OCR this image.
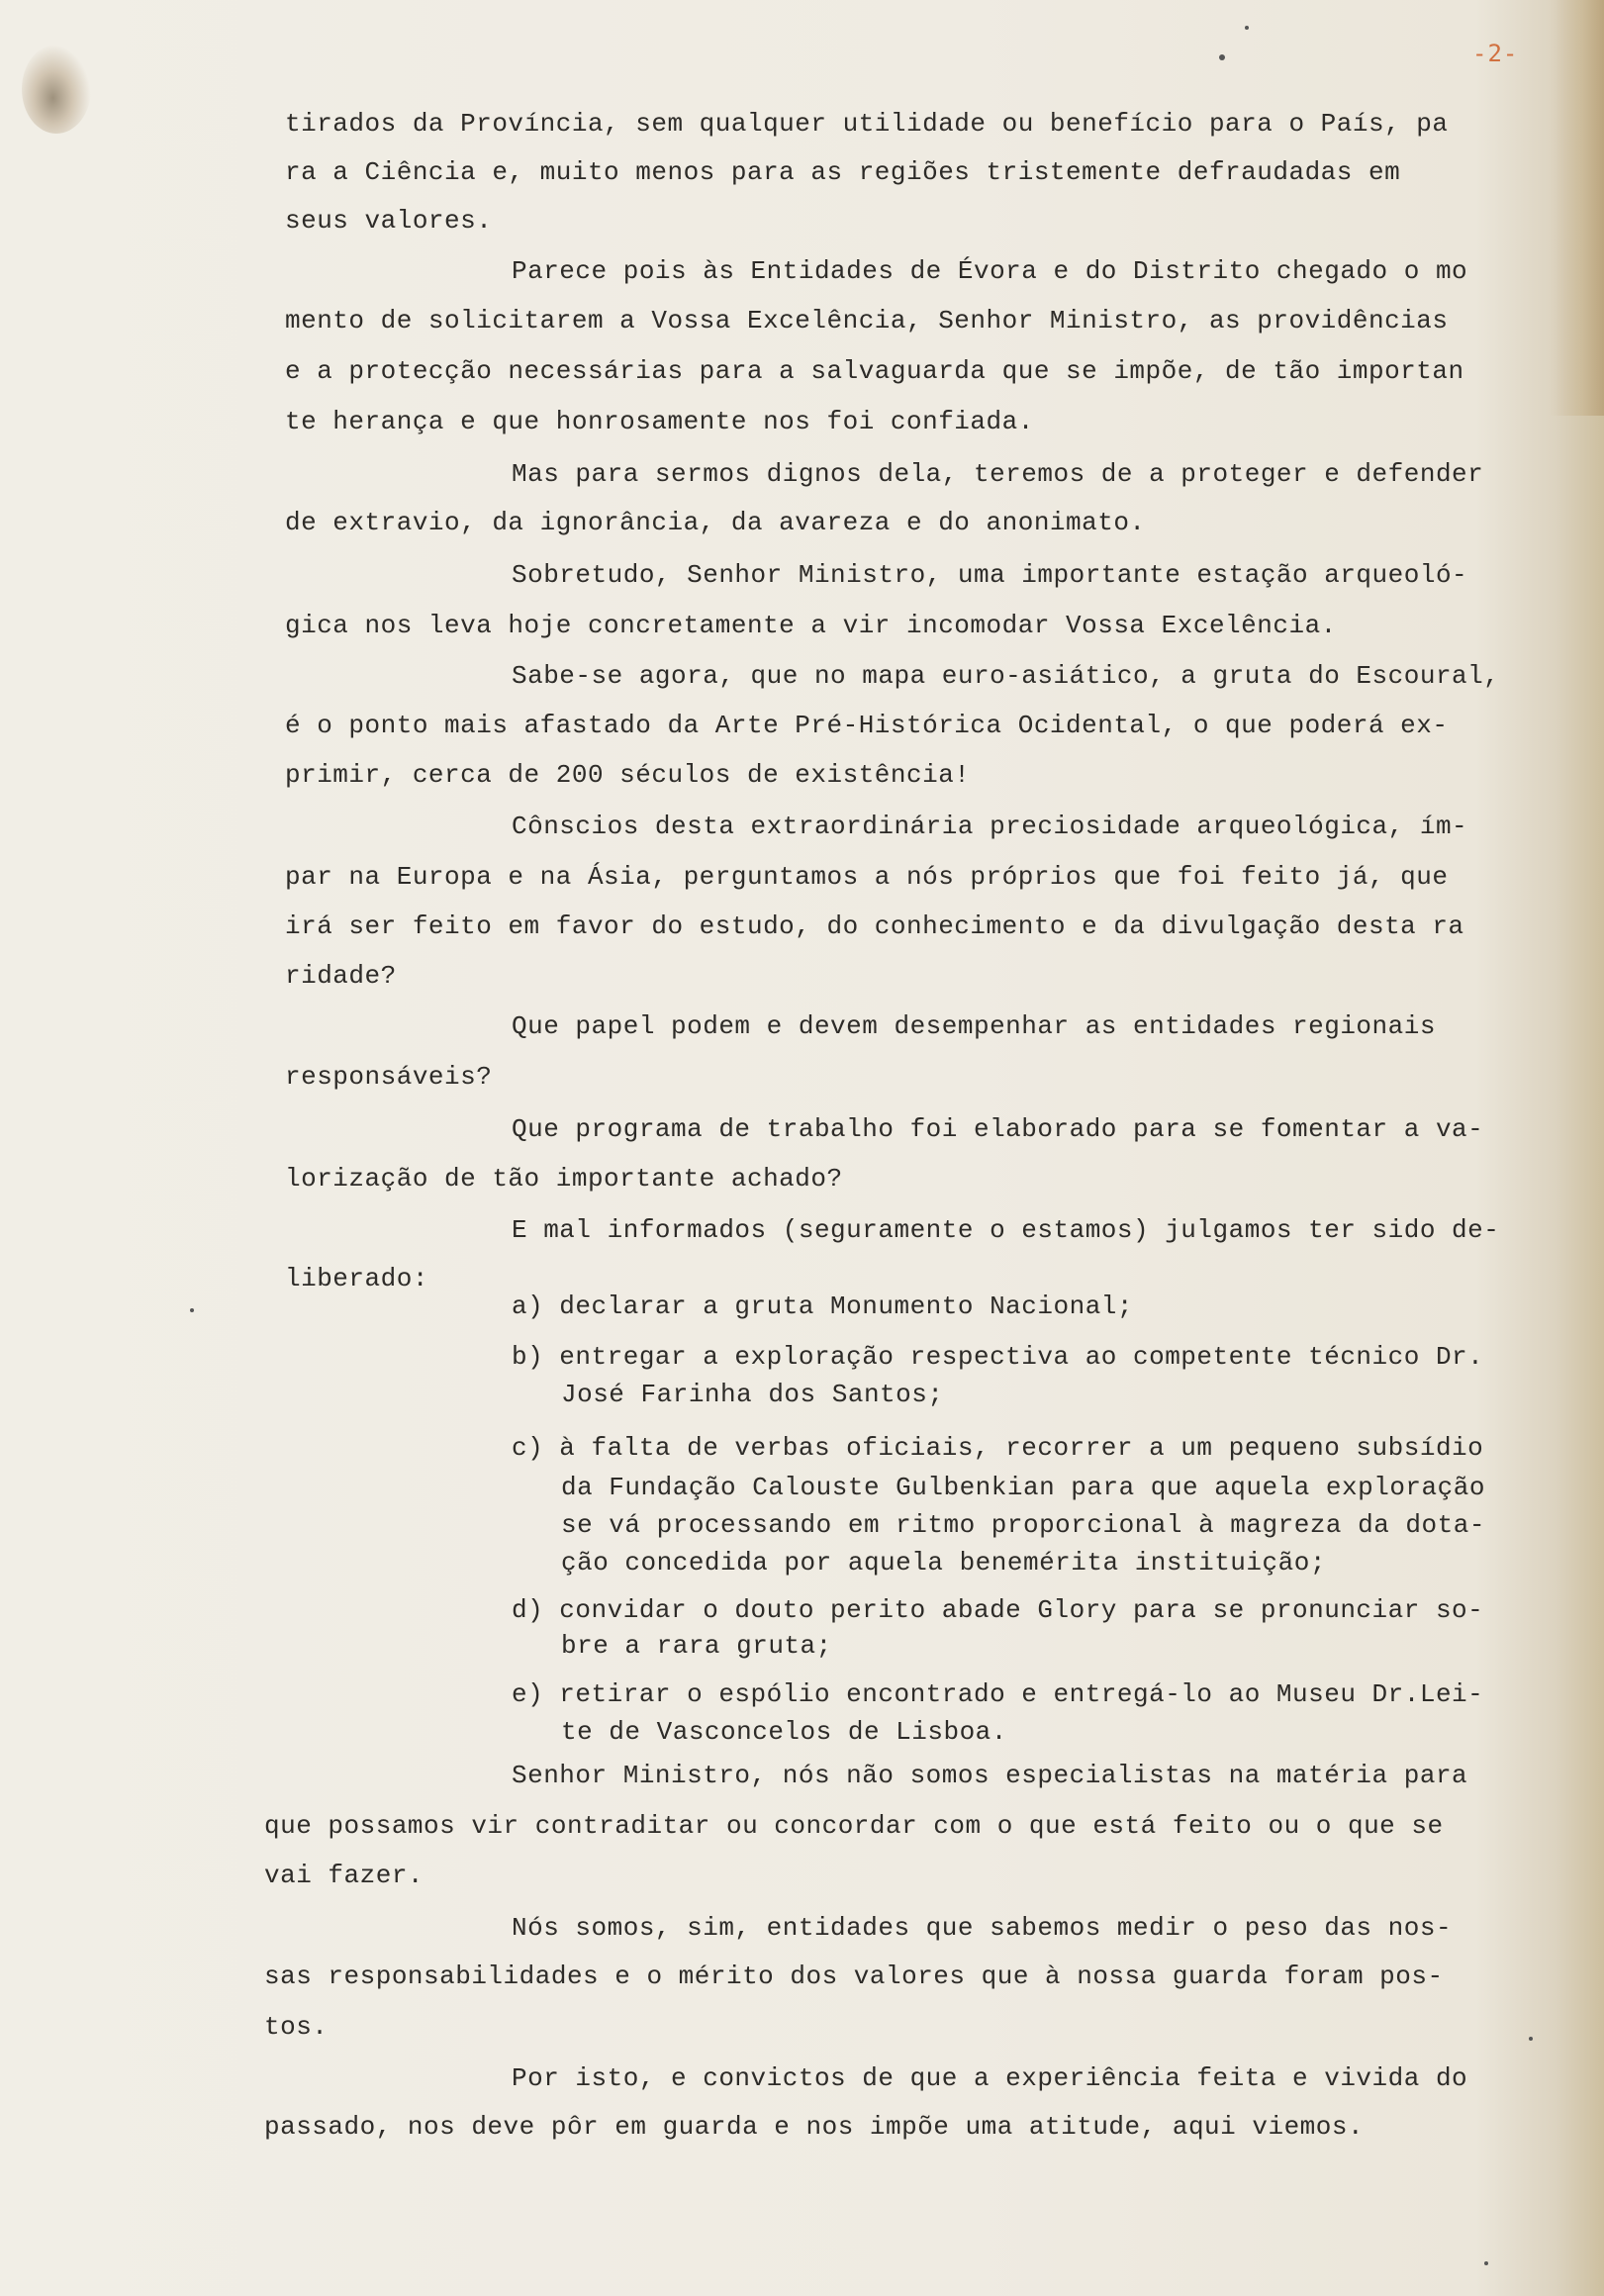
-2-
tirados da Província, sem qualquer utilidade ou benefício para o País, pa
ra a Ciência e, muito menos para as regiões tristemente defraudadas em
seus valores.
Parece pois às Entidades de Évora e do Distrito chegado o mo
mento de solicitarem a Vossa Excelência, Senhor Ministro, as providências
e a protecção necessárias para a salvaguarda que se impõe, de tão importan
te herança e que honrosamente nos foi confiada.
Mas para sermos dignos dela, teremos de a proteger e defender
de extravio, da ignorância, da avareza e do anonimato.
Sobretudo, Senhor Ministro, uma importante estação arqueoló-
gica nos leva hoje concretamente a vir incomodar Vossa Excelência.
Sabe-se agora, que no mapa euro-asiático, a gruta do Escoural,
é o ponto mais afastado da Arte Pré-Histórica Ocidental, o que poderá ex-
primir, cerca de 200 séculos de existência!
Cônscios desta extraordinária preciosidade arqueológica, ím-
par na Europa e na Ásia, perguntamos a nós próprios que foi feito já, que
irá ser feito em favor do estudo, do conhecimento e da divulgação desta ra
ridade?
Que papel podem e devem desempenhar as entidades regionais
responsáveis?
Que programa de trabalho foi elaborado para se fomentar a va-
lorização de tão importante achado?
E mal informados (seguramente o estamos) julgamos ter sido de-
liberado:
a) declarar a gruta Monumento Nacional;
b) entregar a exploração respectiva ao competente técnico Dr.
José Farinha dos Santos;
c) à falta de verbas oficiais, recorrer a um pequeno subsídio
da Fundação Calouste Gulbenkian para que aquela exploração
se vá processando em ritmo proporcional à magreza da dota-
ção concedida por aquela benemérita instituição;
d) convidar o douto perito abade Glory para se pronunciar so-
bre a rara gruta;
e) retirar o espólio encontrado e entregá-lo ao Museu Dr.Lei-
te de Vasconcelos de Lisboa.
Senhor Ministro, nós não somos especialistas na matéria para
que possamos vir contraditar ou concordar com o que está feito ou o que se
vai fazer.
Nós somos, sim, entidades que sabemos medir o peso das nos-
sas responsabilidades e o mérito dos valores que à nossa guarda foram pos-
tos.
Por isto, e convictos de que a experiência feita e vivida do
passado, nos deve pôr em guarda e nos impõe uma atitude, aqui viemos.
